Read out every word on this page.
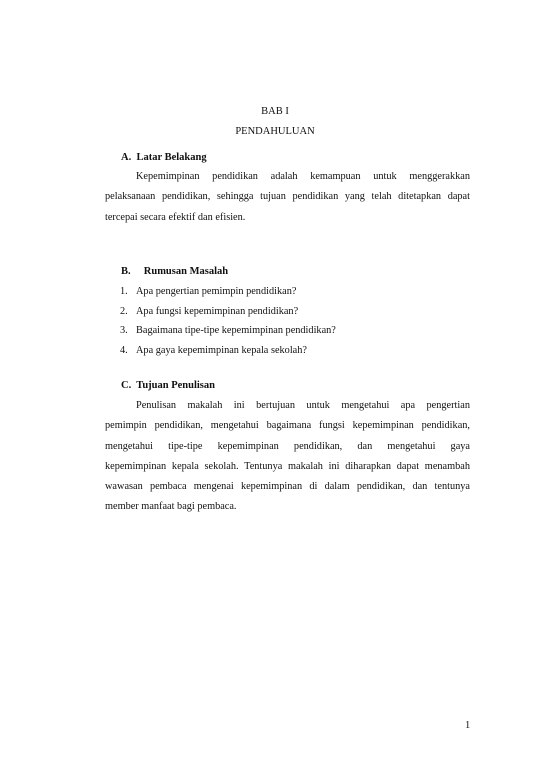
BAB I
PENDAHULUAN
A. Latar Belakang
Kepemimpinan pendidikan adalah kemampuan untuk menggerakkan
pelaksanaan pendidikan, sehingga tujuan pendidikan yang telah ditetapkan dapat
tercepai secara efektif dan efisien.
B. Rumusan Masalah
1. Apa pengertian pemimpin pendidikan?
2. Apa fungsi kepemimpinan pendidikan?
3. Bagaimana tipe-tipe kepemimpinan pendidikan?
4. Apa gaya kepemimpinan kepala sekolah?
C. Tujuan Penulisan
Penulisan makalah ini bertujuan untuk mengetahui apa pengertian
pemimpin pendidikan, mengetahui bagaimana fungsi kepemimpinan pendidikan,
mengetahui tipe-tipe kepemimpinan pendidikan, dan mengetahui gaya
kepemimpinan kepala sekolah. Tentunya makalah ini diharapkan dapat menambah
wawasan pembaca mengenai kepemimpinan di dalam pendidikan, dan tentunya
member manfaat bagi pembaca.
1
